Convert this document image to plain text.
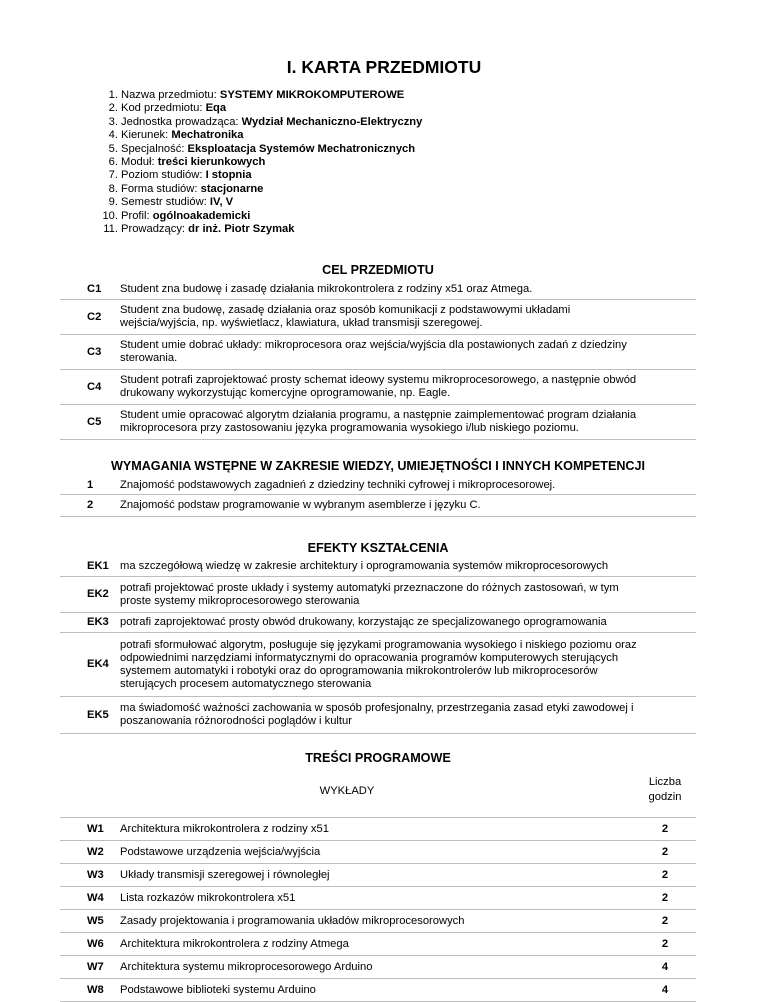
I. KARTA PRZEDMIOTU
1. Nazwa przedmiotu: SYSTEMY MIKROKOMPUTEROWE
2. Kod przedmiotu: Eqa
3. Jednostka prowadząca: Wydział Mechaniczno-Elektryczny
4. Kierunek: Mechatronika
5. Specjalność: Eksploatacja Systemów Mechatronicznych
6. Moduł: treści kierunkowych
7. Poziom studiów: I stopnia
8. Forma studiów: stacjonarne
9. Semestr studiów: IV, V
10. Profil: ogólnoakademicki
11. Prowadzący: dr inż. Piotr Szymak
CEL PRZEDMIOTU
C1 Student zna budowę i zasadę działania mikrokontrolera z rodziny x51 oraz Atmega.
C2
Student zna budowę, zasadę działania oraz sposób komunikacji z podstawowymi układami
wejścia/wyjścia, np. wyświetlacz, klawiatura, układ transmisji szeregowej.
C3
Student umie dobrać układy: mikroprocesora oraz wejścia/wyjścia dla postawionych zadań z dziedziny
sterowania.
C4
Student potrafi zaprojektować prosty schemat ideowy systemu mikroprocesorowego, a następnie obwód
drukowany wykorzystując komercyjne oprogramowanie, np. Eagle.
C5
Student umie opracować algorytm działania programu, a następnie zaimplementować program działania
mikroprocesora przy zastosowaniu języka programowania wysokiego i/lub niskiego poziomu.
WYMAGANIA WSTĘPNE W ZAKRESIE WIEDZY, UMIEJĘTNOŚCI I INNYCH KOMPETENCJI
1 Znajomość podstawowych zagadnień z dziedziny techniki cyfrowej i mikroprocesorowej.
2 Znajomość podstaw programowanie w wybranym asemblerze i języku C.
EFEKTY KSZTAŁCENIA
EK1 ma szczegółową wiedzę w zakresie architektury i oprogramowania systemów mikroprocesorowych
EK2
potrafi projektować proste układy i systemy automatyki przeznaczone do różnych zastosowań, w tym
proste systemy mikroprocesorowego sterowania
EK3 potrafi zaprojektować prosty obwód drukowany, korzystając ze specjalizowanego oprogramowania
EK4
potrafi sformułować algorytm, posługuje się językami programowania wysokiego i niskiego poziomu oraz
odpowiednimi narzędziami informatycznymi do opracowania programów komputerowych sterujących
systemem automatyki i robotyki oraz do oprogramowania mikrokontrolerów lub mikroprocesorów
sterujących procesem automatycznego sterowania
EK5
ma świadomość ważności zachowania w sposób profesjonalny, przestrzegania zasad etyki zawodowej i
poszanowania różnorodności poglądów i kultur
TREŚCI PROGRAMOWE
WYKŁADY
Liczba
godzin
W1 Architektura mikrokontrolera z rodziny x51	2
W2 Podstawowe urządzenia wejścia/wyjścia	2
W3 Układy transmisji szeregowej i równoległej	2
W4 Lista rozkazów mikrokontrolera x51	2
W5 Zasady projektowania i programowania układów mikroprocesorowych	2
W6 Architektura mikrokontrolera z rodziny Atmega	2
W7 Architektura systemu mikroprocesorowego Arduino	4
W8 Podstawowe biblioteki systemu Arduino	4
